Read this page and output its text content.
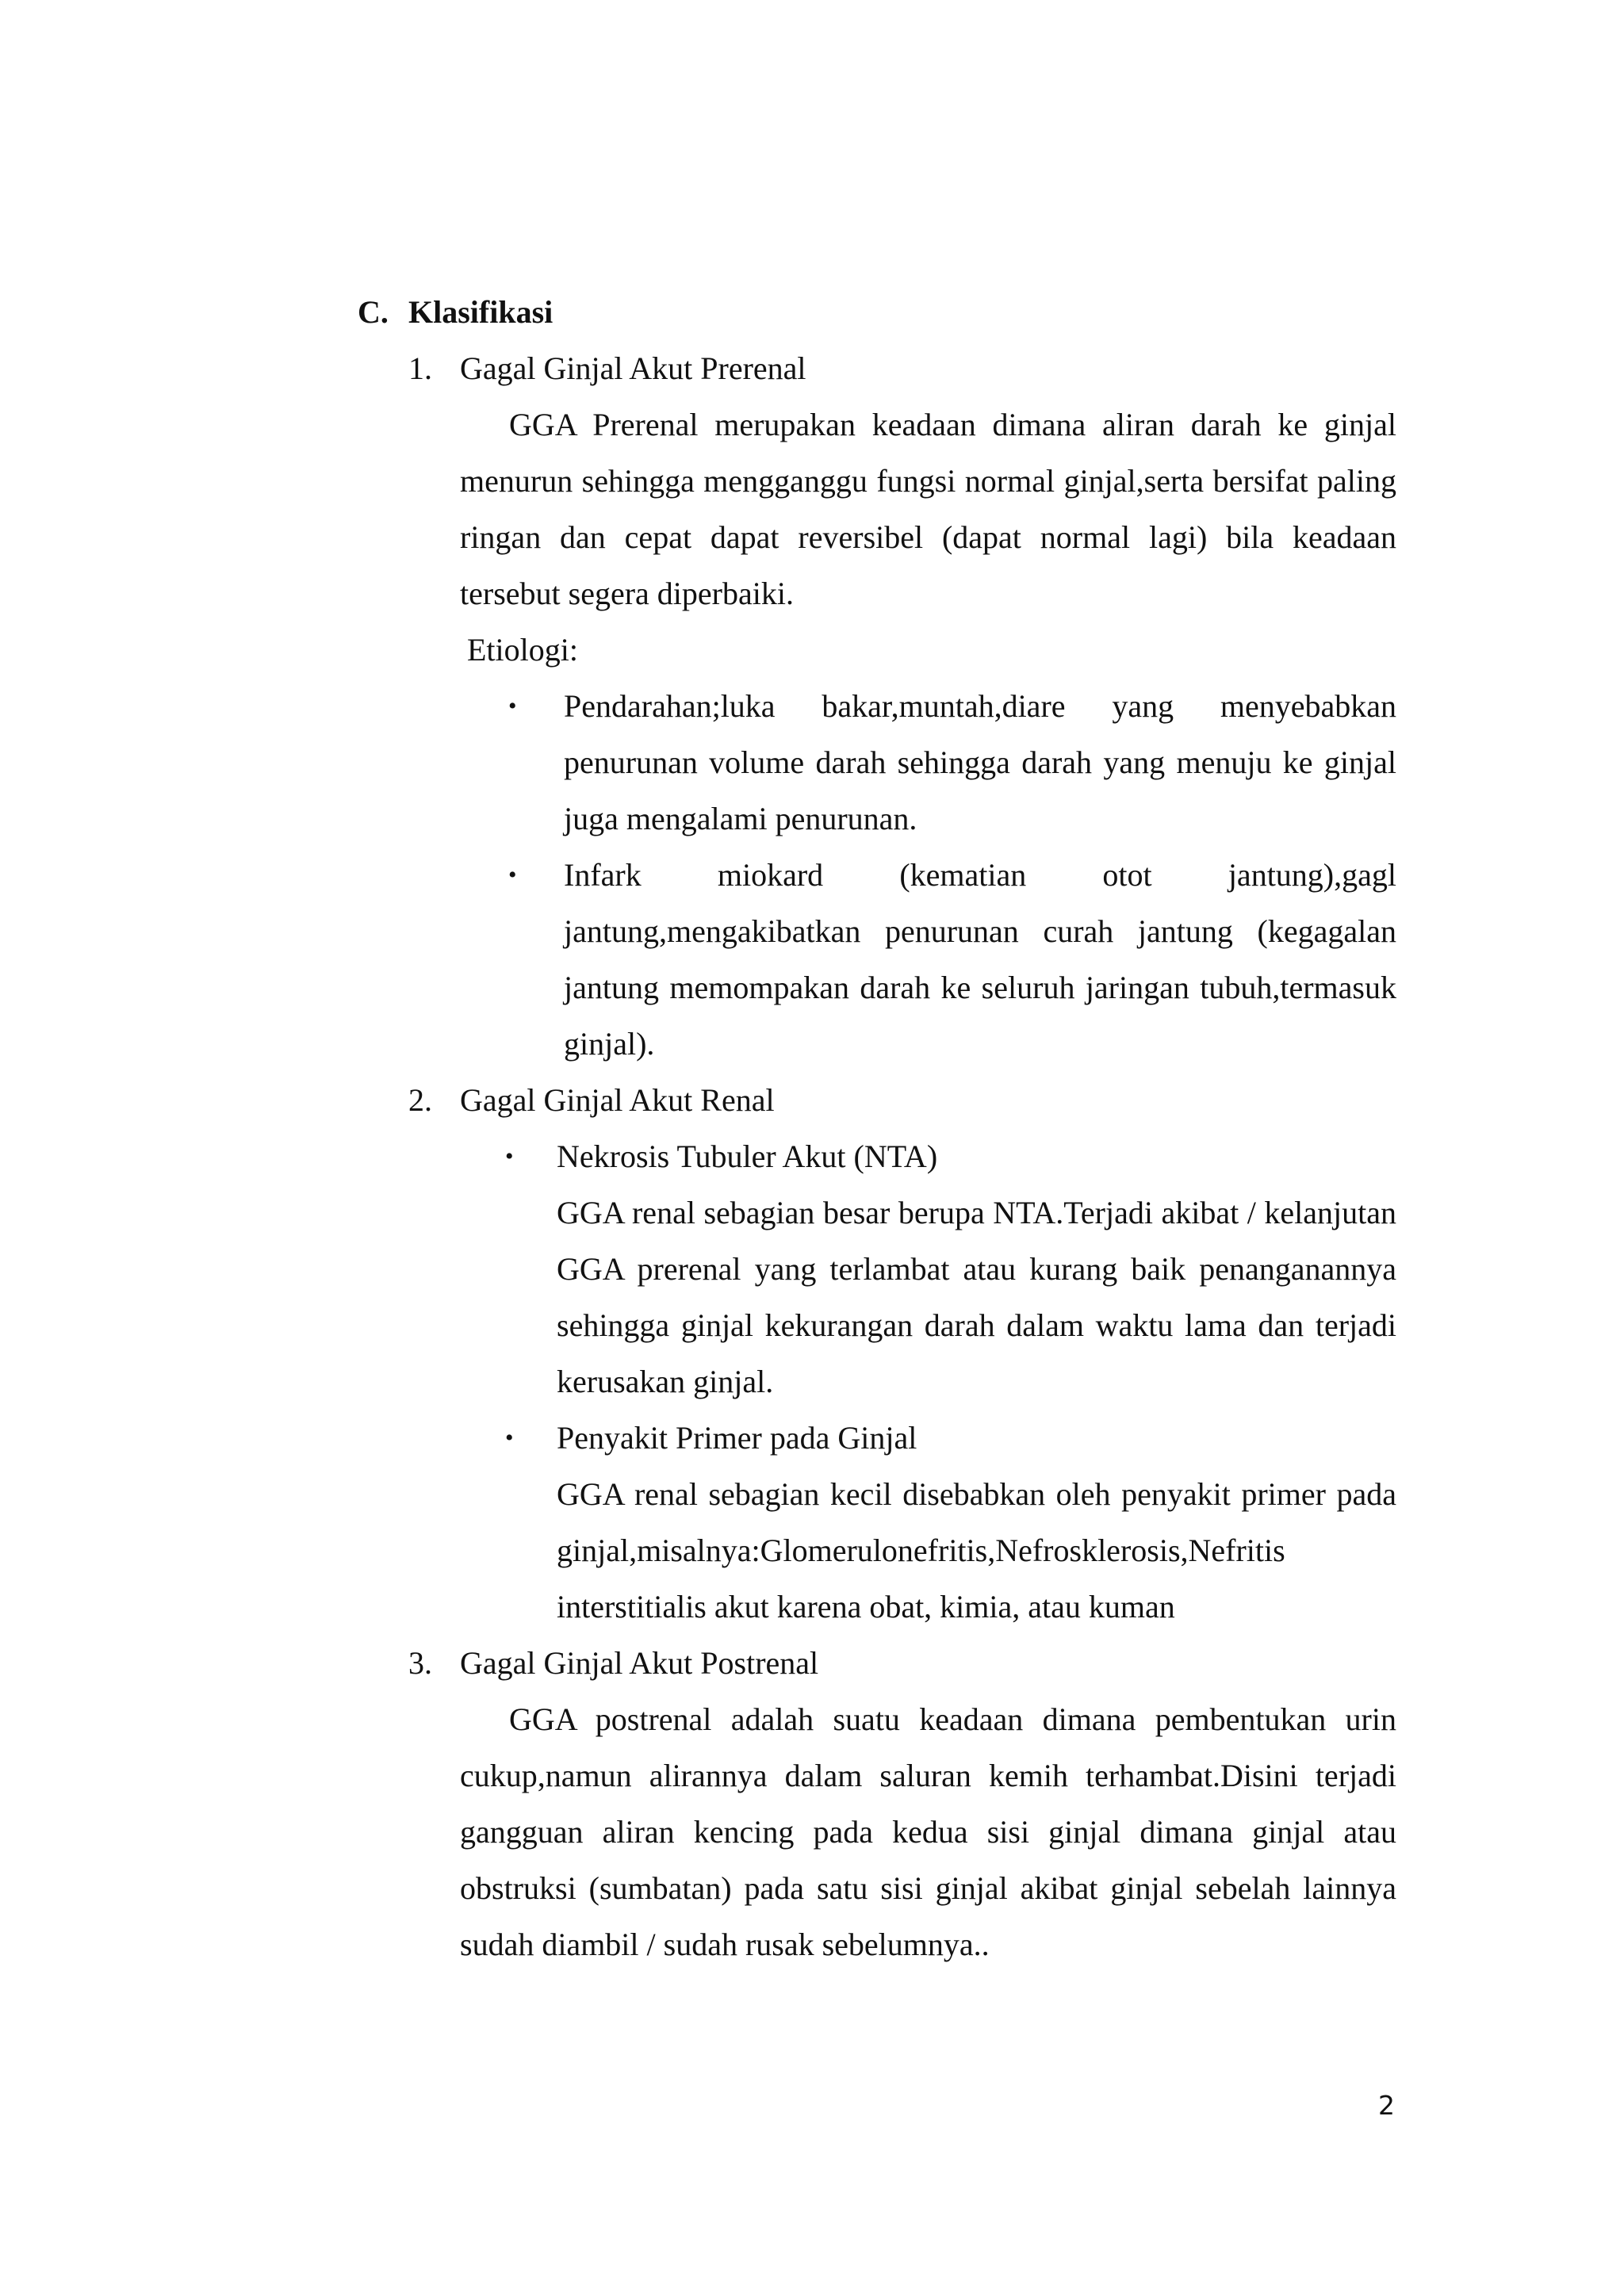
C. Klasifikasi
1. Gagal Ginjal Akut Prerenal
GGA Prerenal merupakan keadaan dimana aliran darah ke ginjal menurun sehingga mengganggu fungsi normal ginjal,serta bersifat paling ringan dan cepat dapat reversibel (dapat normal lagi) bila keadaan tersebut segera diperbaiki.
Etiologi:
• Pendarahan;luka bakar,muntah,diare yang menyebabkan penurunan volume darah sehingga darah yang menuju ke ginjal juga mengalami penurunan.
• Infark miokard (kematian otot jantung),gagl jantung,mengakibatkan penurunan curah jantung (kegagalan jantung memompakan darah ke seluruh jaringan tubuh,termasuk ginjal).
2. Gagal Ginjal Akut Renal
• Nekrosis Tubuler Akut (NTA)
GGA renal sebagian besar berupa NTA.Terjadi akibat / kelanjutan GGA prerenal yang terlambat atau kurang baik penanganannya sehingga ginjal kekurangan darah dalam waktu lama dan terjadi kerusakan ginjal.
• Penyakit Primer pada Ginjal
GGA renal sebagian kecil disebabkan oleh penyakit primer pada ginjal,misalnya:Glomerulonefritis,Nefrosklerosis,Nefritis interstitialis akut karena obat, kimia, atau kuman
3. Gagal Ginjal Akut Postrenal
GGA postrenal adalah suatu keadaan dimana pembentukan urin cukup,namun alirannya dalam saluran kemih terhambat.Disini terjadi gangguan aliran kencing pada kedua sisi ginjal dimana ginjal atau obstruksi (sumbatan) pada satu sisi ginjal akibat ginjal sebelah lainnya sudah diambil / sudah rusak sebelumnya..
2
